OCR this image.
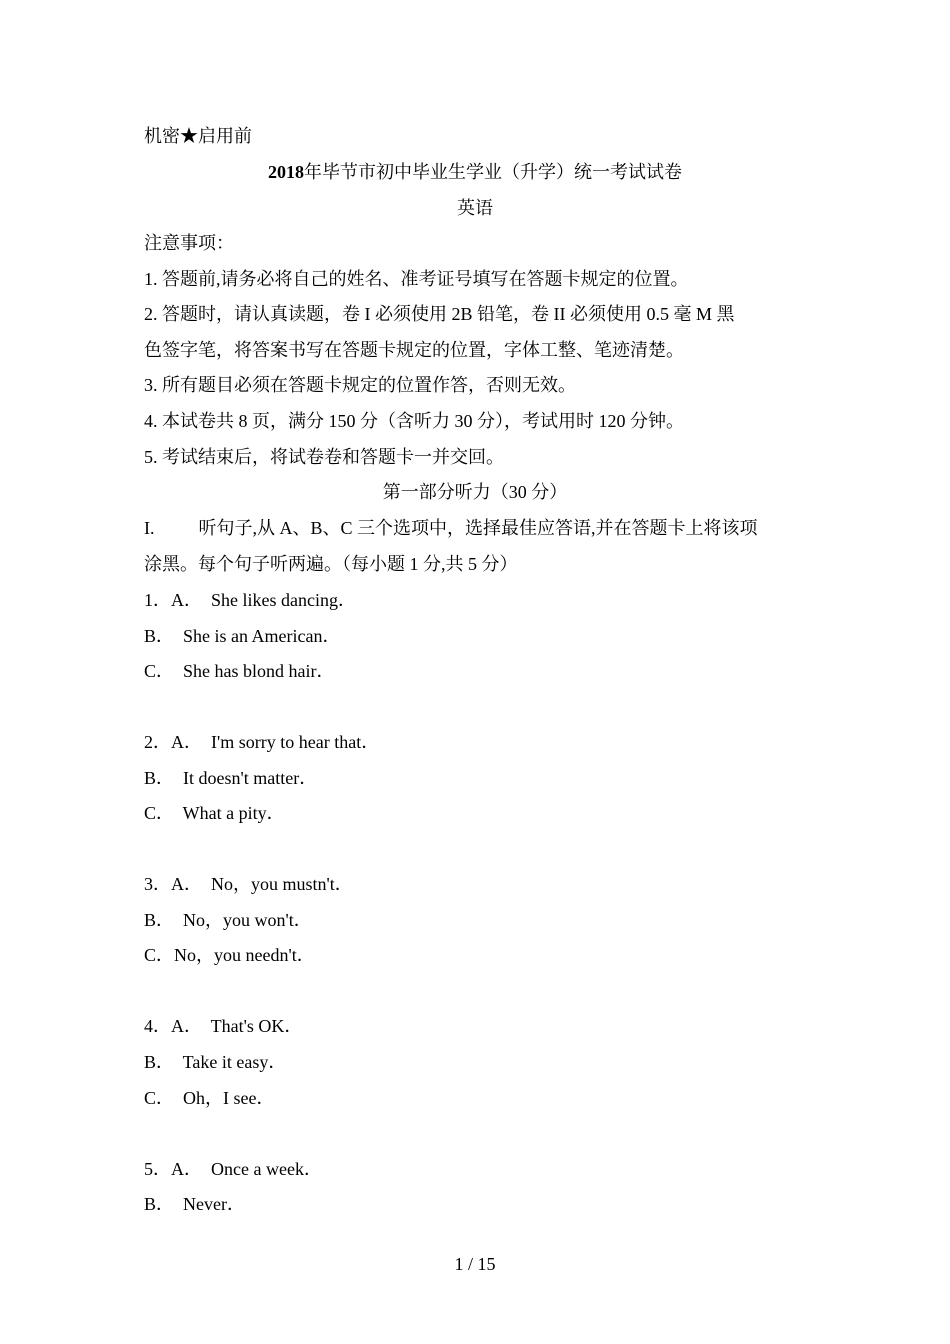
机密★启用前
2018年毕节市初中毕业生学业（升学）统一考试试卷
英语
注意事项：
1. 答题前,请务必将自己的姓名、准考证号填写在答题卡规定的位置。
2. 答题时，请认真读题，卷 I 必须使用 2B 铅笔，卷 II 必须使用 0.5 毫 M 黑
色签字笔，将答案书写在答题卡规定的位置，字体工整、笔迹清楚。
3. 所有题目必须在答题卡规定的位置作答，否则无效。
4. 本试卷共 8 页，满分 150 分（含听力 30 分），考试用时 120 分钟。
5. 考试结束后，将试卷卷和答题卡一并交回。
第一部分听力（30 分）
I. 听句子,从 A、B、C 三个选项中，选择最佳应答语,并在答题卡上将该项
涂黑。每个句子听两遍。（每小题 1 分,共 5 分）
1．A．  She likes dancing．
B．  She is an American．
C．  She has blond hair．
2．A．  I'm sorry to hear that．
B．  It doesn't matter．
C．  What a pity．
3．A．  No，you mustn't．
B．  No，you won't．
C．No，you needn't．
4．A．  That's OK．
B．  Take it easy．
C．  Oh，I see．
5．A．  Once a week．
B．  Never．
1 / 15
